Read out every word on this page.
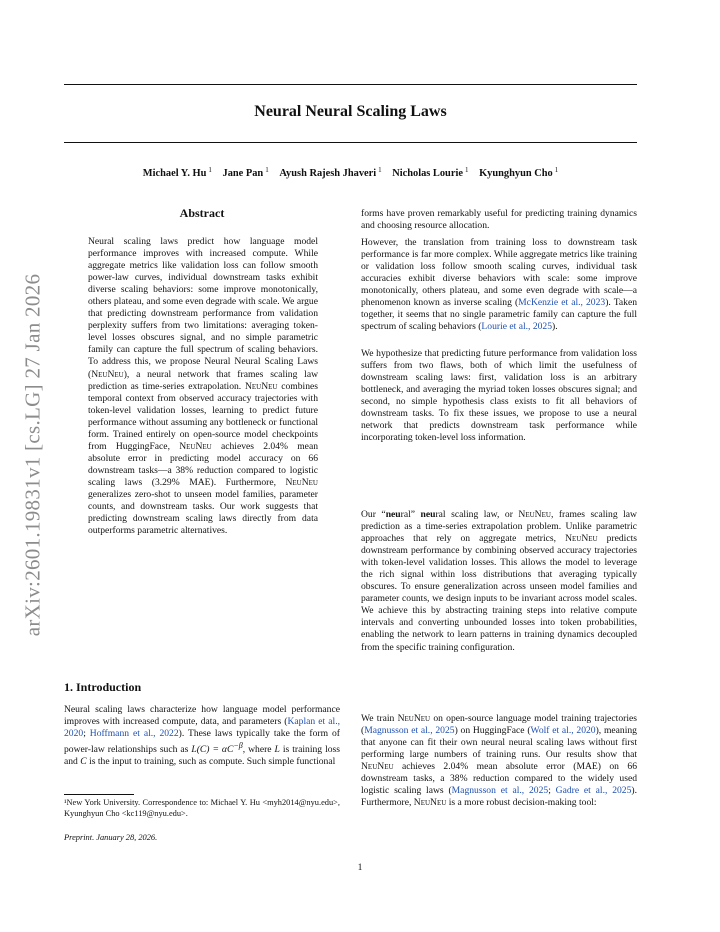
Neural Neural Scaling Laws
Michael Y. Hu $^1$ Jane Pan $^1$ Ayush Rajesh Jhaveri $^1$ Nicholas Lourie $^1$ Kyunghyun Cho $^1$
arXiv:2601.19831v1 [cs.LG] 27 Jan 2026
Abstract
Neural scaling laws predict how language model performance improves with increased compute. While aggregate metrics like validation loss can follow smooth power-law curves, individual downstream tasks exhibit diverse scaling behaviors: some improve monotonically, others plateau, and some even degrade with scale. We argue that predicting downstream performance from validation perplexity suffers from two limitations: averaging token-level losses obscures signal, and no simple parametric family can capture the full spectrum of scaling behaviors. To address this, we propose Neural Neural Scaling Laws (NeuNeu), a neural network that frames scaling law prediction as time-series extrapolation. NeuNeu combines temporal context from observed accuracy trajectories with token-level validation losses, learning to predict future performance without assuming any bottleneck or functional form. Trained entirely on open-source model checkpoints from HuggingFace, NeuNeu achieves 2.04% mean absolute error in predicting model accuracy on 66 downstream tasks—a 38% reduction compared to logistic scaling laws (3.29% MAE). Furthermore, NeuNeu generalizes zero-shot to unseen model families, parameter counts, and downstream tasks. Our work suggests that predicting downstream scaling laws directly from data outperforms parametric alternatives.
1. Introduction
Neural scaling laws characterize how language model performance improves with increased compute, data, and parameters (Kaplan et al., 2020; Hoffmann et al., 2022). These laws typically take the form of power-law relationships such as $L(C) = \alpha C^{-\beta}$, where L is training loss and C is the input to training, such as compute. Such simple functional
¹New York University. Correspondence to: Michael Y. Hu <myh2014@nyu.edu>, Kyunghyun Cho <kc119@nyu.edu>.
Preprint. January 28, 2026.
forms have proven remarkably useful for predicting training dynamics and choosing resource allocation.
However, the translation from training loss to downstream task performance is far more complex. While aggregate metrics like training or validation loss follow smooth scaling curves, individual task accuracies exhibit diverse behaviors with scale: some improve monotonically, others plateau, and some even degrade with scale—a phenomenon known as inverse scaling (McKenzie et al., 2023). Taken together, it seems that no single parametric family can capture the full spectrum of scaling behaviors (Lourie et al., 2025).
We hypothesize that predicting future performance from validation loss suffers from two flaws, both of which limit the usefulness of downstream scaling laws: first, validation loss is an arbitrary bottleneck, and averaging the myriad token losses obscures signal; and second, no simple hypothesis class exists to fit all behaviors of downstream tasks. To fix these issues, we propose to use a neural network that predicts downstream task performance while incorporating token-level loss information.
Our “neural” neural scaling law, or NeuNeu, frames scaling law prediction as a time-series extrapolation problem. Unlike parametric approaches that rely on aggregate metrics, NeuNeu predicts downstream performance by combining observed accuracy trajectories with token-level validation losses. This allows the model to leverage the rich signal within loss distributions that averaging typically obscures. To ensure generalization across unseen model families and parameter counts, we design inputs to be invariant across model scales. We achieve this by abstracting training steps into relative compute intervals and converting unbounded losses into token probabilities, enabling the network to learn patterns in training dynamics decoupled from the specific training configuration.
We train NeuNeu on open-source language model training trajectories (Magnusson et al., 2025) on HuggingFace (Wolf et al., 2020), meaning that anyone can fit their own neural neural scaling laws without first performing large numbers of training runs. Our results show that NeuNeu achieves 2.04% mean absolute error (MAE) on 66 downstream tasks, a 38% reduction compared to the widely used logistic scaling laws (Magnusson et al., 2025; Gadre et al., 2025). Furthermore, NeuNeu is a more robust decision-making tool:
1
